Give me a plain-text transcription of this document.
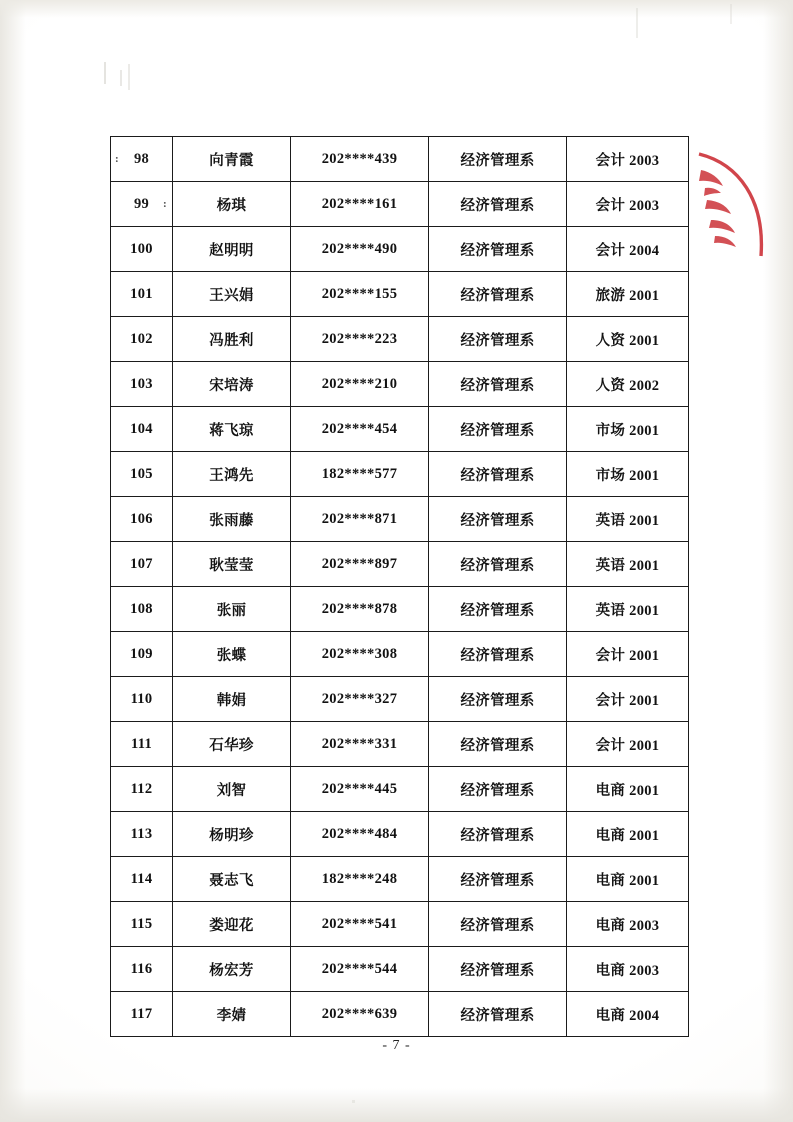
: 98	向青霞	202****439	经济管理系	会计 2003
99 :	杨琪	202****161	经济管理系	会计 2003
100	赵明明	202****490	经济管理系	会计 2004
101	王兴娟	202****155	经济管理系	旅游 2001
102	冯胜利	202****223	经济管理系	人资 2001
103	宋培涛	202****210	经济管理系	人资 2002
104	蒋飞琼	202****454	经济管理系	市场 2001
105	王鸿先	182****577	经济管理系	市场 2001
106	张雨藤	202****871	经济管理系	英语 2001
107	耿莹莹	202****897	经济管理系	英语 2001
108	张丽	202****878	经济管理系	英语 2001
109	张蝶	202****308	经济管理系	会计 2001
110	韩娟	202****327	经济管理系	会计 2001
111	石华珍	202****331	经济管理系	会计 2001
112	刘智	202****445	经济管理系	电商 2001
113	杨明珍	202****484	经济管理系	电商 2001
114	聂志飞	182****248	经济管理系	电商 2001
115	娄迎花	202****541	经济管理系	电商 2003
116	杨宏芳	202****544	经济管理系	电商 2003
117	李婧	202****639	经济管理系	电商 2004
- 7 -
